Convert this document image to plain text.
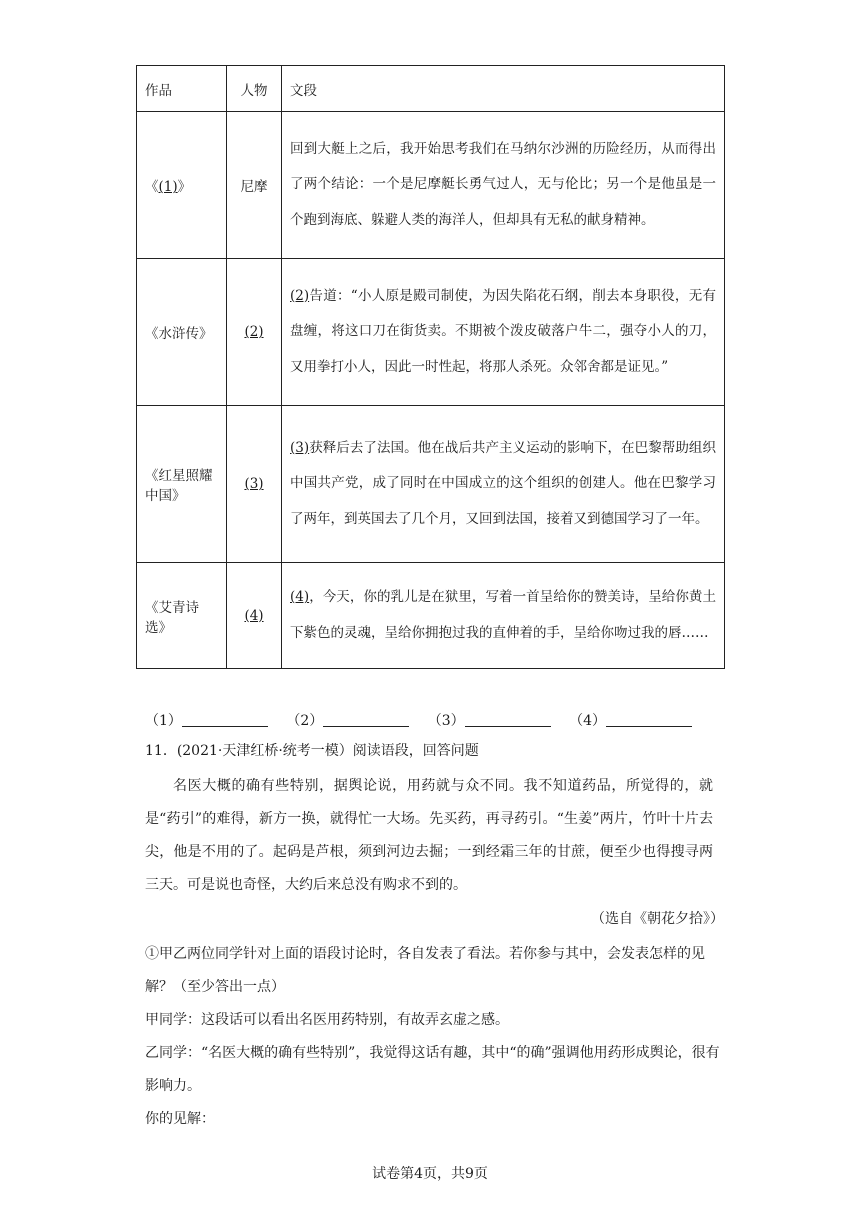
作品	人物	文段
《(1)》	尼摩	回到大艇上之后，我开始思考我们在马纳尔沙洲的历险经历，从而得出了两个结论：一个是尼摩艇长勇气过人，无与伦比；另一个是他虽是一个跑到海底、躲避人类的海洋人，但却具有无私的献身精神。
《水浒传》	(2)	(2)告道：“小人原是殿司制使，为因失陷花石纲，削去本身职役，无有盘缠，将这口刀在街货卖。不期被个泼皮破落户牛二，强夺小人的刀，又用拳打小人，因此一时性起，将那人杀死。众邻舍都是证见。”
《红星照耀中国》	(3)	(3)获释后去了法国。他在战后共产主义运动的影响下，在巴黎帮助组织中国共产党，成了同时在中国成立的这个组织的创建人。他在巴黎学习了两年，到英国去了几个月，又回到法国，接着又到德国学习了一年。
《艾青诗选》	(4)	(4)，今天，你的乳儿是在狱里，写着一首呈给你的赞美诗，呈给你黄土下紫色的灵魂，呈给你拥抱过我的直伸着的手，呈给你吻过我的唇……
（1）	（2）	（3）	（4）
11．(2021·天津红桥·统考一模）阅读语段，回答问题
名医大概的确有些特别，据舆论说，用药就与众不同。我不知道药品，所觉得的，就是“药引”的难得，新方一换，就得忙一大场。先买药，再寻药引。“生姜”两片，竹叶十片去尖，他是不用的了。起码是芦根，须到河边去掘；一到经霜三年的甘蔗，便至少也得搜寻两三天。可是说也奇怪，大约后来总没有购求不到的。
（选自《朝花夕拾》）
①甲乙两位同学针对上面的语段讨论时，各自发表了看法。若你参与其中，会发表怎样的见解？（至少答出一点）
甲同学：这段话可以看出名医用药特别，有故弄玄虚之感。
乙同学：“名医大概的确有些特别”，我觉得这话有趣，其中“的确”强调他用药形成舆论，很有影响力。
你的见解：
试卷第4页，共9页
